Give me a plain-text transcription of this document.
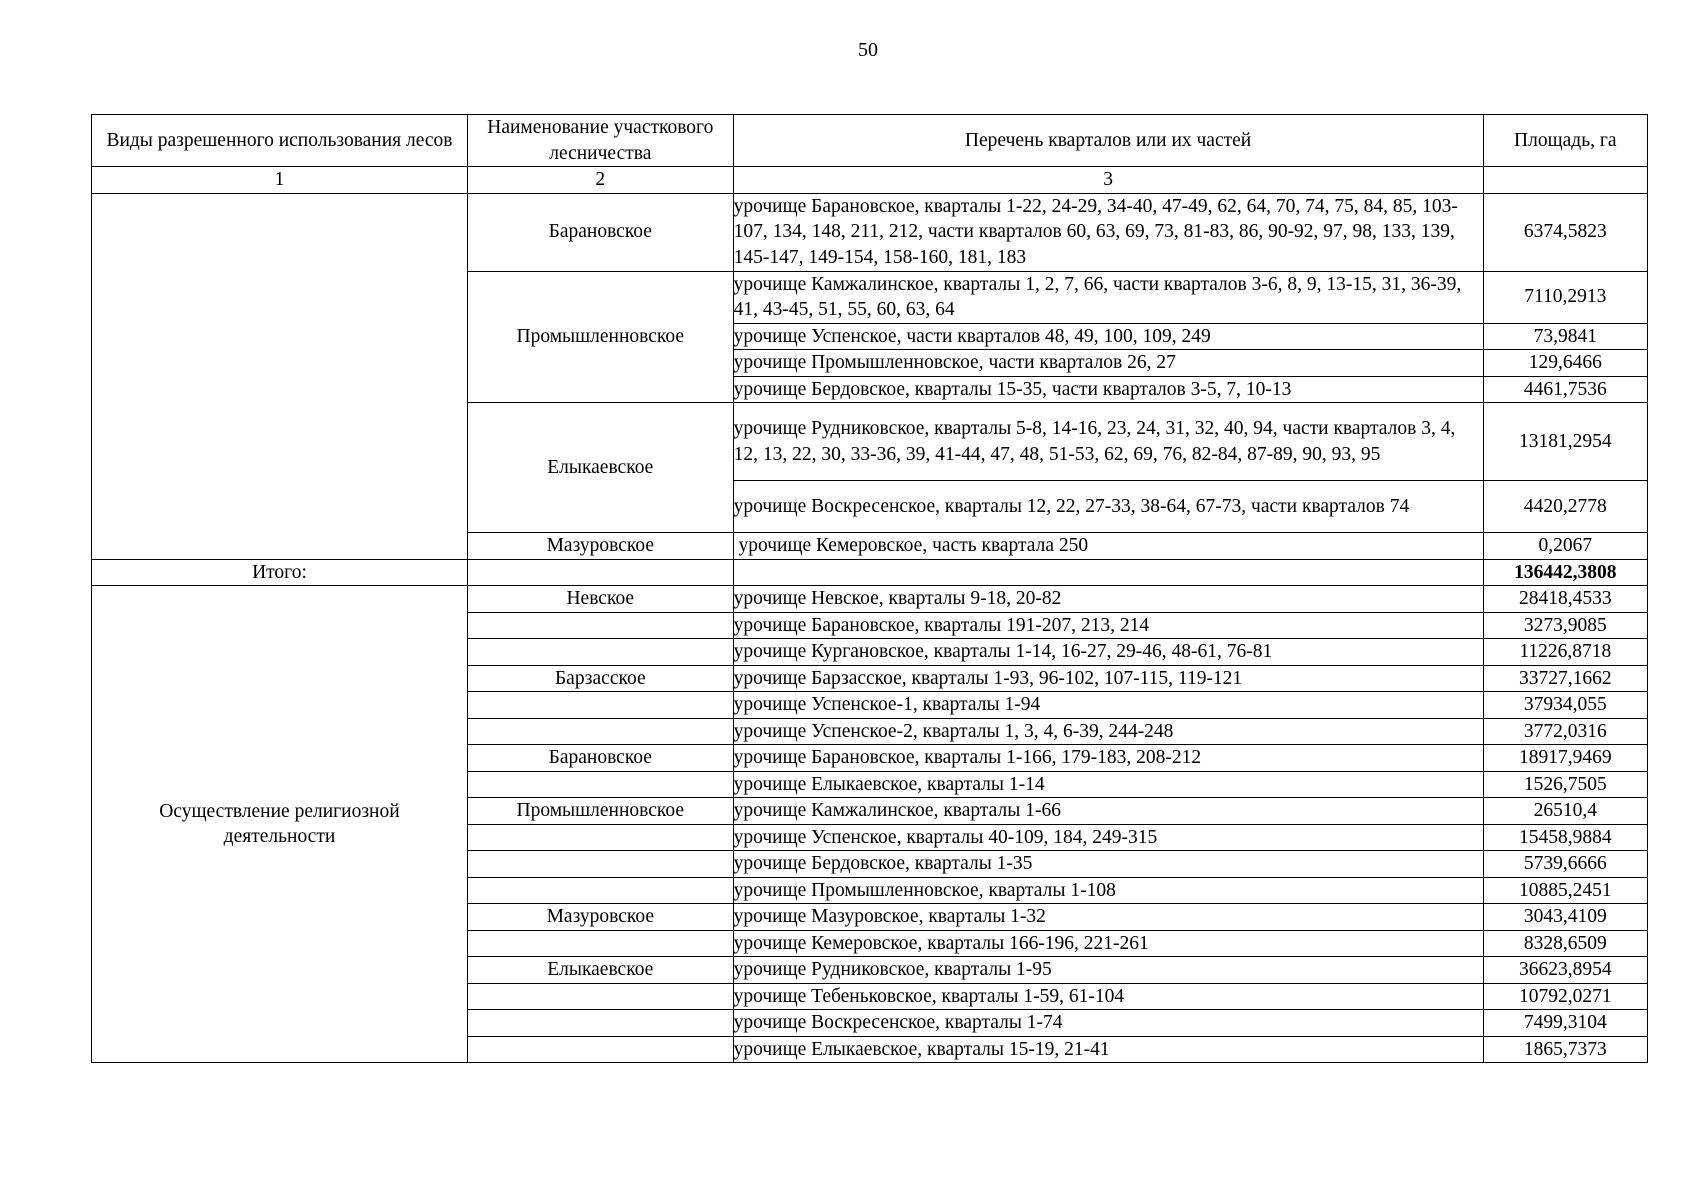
50
Виды разрешенного использования лесов	Наименование участкового лесничества	Перечень кварталов или их частей	Площадь, га
1	2	3	
	Барановское	урочище Барановское, кварталы 1-22, 24-29, 34-40, 47-49, 62, 64, 70, 74, 75, 84, 85, 103-107, 134, 148, 211, 212, части кварталов 60, 63, 69, 73, 81-83, 86, 90-92, 97, 98, 133, 139, 145-147, 149-154, 158-160, 181, 183	6374,5823
	Промышленновское	урочище Камжалинское, кварталы 1, 2, 7, 66, части кварталов 3-6, 8, 9, 13-15, 31, 36-39, 41, 43-45, 51, 55, 60, 63, 64	7110,2913
		урочище Успенское, части кварталов 48, 49, 100, 109, 249	73,9841
		урочище Промышленновское, части кварталов 26, 27	129,6466
		урочище Бердовское, кварталы 15-35, части кварталов 3-5, 7, 10-13	4461,7536
	Елыкаевское	урочище Рудниковское, кварталы 5-8, 14-16, 23, 24, 31, 32, 40, 94, части кварталов 3, 4, 12, 13, 22, 30, 33-36, 39, 41-44, 47, 48, 51-53, 62, 69, 76, 82-84, 87-89, 90, 93, 95	13181,2954
		урочище Воскресенское, кварталы 12, 22, 27-33, 38-64, 67-73, части кварталов 74	4420,2778
	Мазуровское	урочище Кемеровское, часть квартала 250	0,2067
Итого:			136442,3808
Осуществление религиозной деятельности	Невское	урочище Невское, кварталы 9-18, 20-82	28418,4533
		урочище Барановское, кварталы 191-207, 213, 214	3273,9085
		урочище Кургановское, кварталы 1-14, 16-27, 29-46, 48-61, 76-81	11226,8718
	Барзасское	урочище Барзасское, кварталы 1-93, 96-102, 107-115, 119-121	33727,1662
		урочище Успенское-1, кварталы 1-94	37934,055
		урочище Успенское-2, кварталы 1, 3, 4, 6-39, 244-248	3772,0316
	Барановское	урочище Барановское, кварталы 1-166, 179-183, 208-212	18917,9469
		урочище Елыкаевское, кварталы 1-14	1526,7505
	Промышленновское	урочище Камжалинское, кварталы 1-66	26510,4
		урочище Успенское, кварталы 40-109, 184, 249-315	15458,9884
		урочище Бердовское, кварталы 1-35	5739,6666
		урочище Промышленновское, кварталы 1-108	10885,2451
	Мазуровское	урочище Мазуровское, кварталы 1-32	3043,4109
		урочище Кемеровское, кварталы 166-196, 221-261	8328,6509
	Елыкаевское	урочище Рудниковское, кварталы 1-95	36623,8954
		урочище Тебеньковское, кварталы 1-59, 61-104	10792,0271
		урочище Воскресенское, кварталы 1-74	7499,3104
		урочище Елыкаевское, кварталы 15-19, 21-41	1865,7373
